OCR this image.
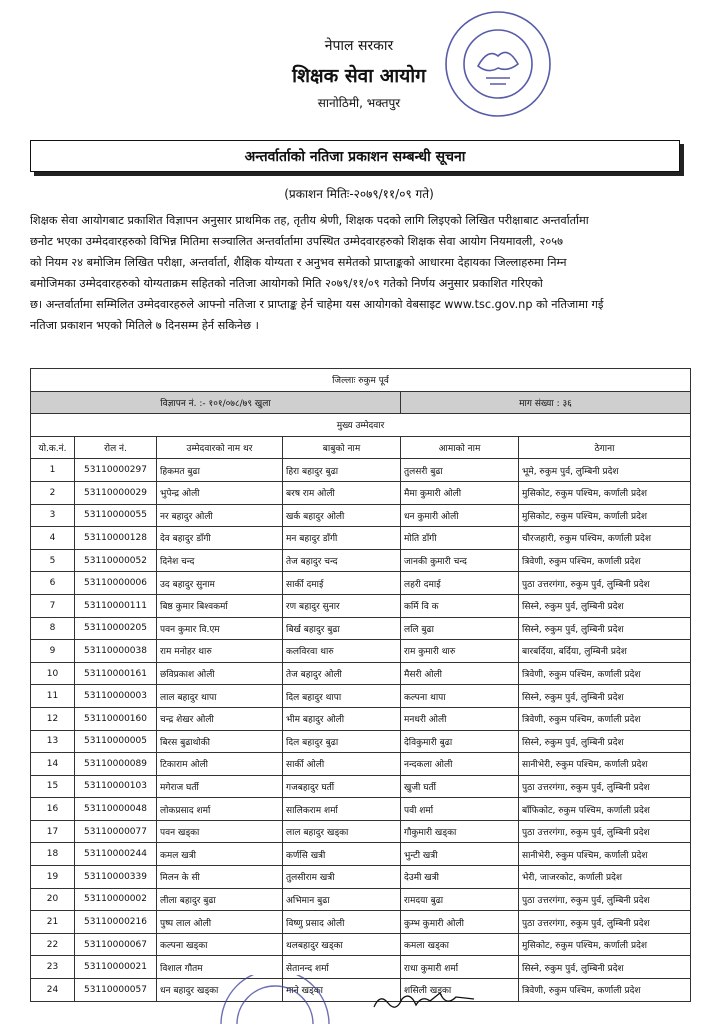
नेपाल सरकार
शिक्षक सेवा आयोग
सानोठिमी, भक्तपुर
अन्तर्वार्ताको नतिजा प्रकाशन सम्बन्धी सूचना
(प्रकाशन मितिः-२०७९/११/०९ गते)
शिक्षक सेवा आयोगबाट प्रकाशित विज्ञापन अनुसार प्राथमिक तह, तृतीय श्रेणी, शिक्षक पदको लागि लिइएको लिखित परीक्षाबाट अन्तर्वार्तामा
छनोट भएका उम्मेदवारहरुको विभिन्न मितिमा सञ्चालित अन्तर्वार्तामा उपस्थित उम्मेदवारहरुको शिक्षक सेवा आयोग नियमावली, २०५७
को नियम २४ बमोजिम लिखित परीक्षा, अन्तर्वार्ता, शैक्षिक योग्यता र अनुभव समेतको प्राप्ताङ्कको आधारमा देहायका जिल्लाहरुमा निम्न
बमोजिमका उम्मेदवारहरुको योग्यताक्रम सहितको नतिजा आयोगको मिति २०७९/११/०९ गतेको निर्णय अनुसार प्रकाशित गरिएको
छ। अन्तर्वार्तामा सम्मिलित उम्मेदवारहरुले आफ्नो नतिजा र प्राप्ताङ्क हेर्न चाहेमा यस आयोगको वेबसाइट www.tsc.gov.np को नतिजामा गई
नतिजा प्रकाशन भएको मितिले ७ दिनसम्म हेर्न सकिनेछ ।
जिल्लाः रुकुम पूर्व					
विज्ञापन नं. :- १०१/०७८/७९ खुला				माग संख्या : ३६	
मुख्य उम्मेदवार					
यो.क.नं.	रोल नं.	उम्मेदवारको नाम थर	बाबुको नाम	आमाको नाम	ठेगाना
1	53110000297	हिकमत बुढा	हिरा बहादुर बुढा	तुलसरी बुढा	भूमे, रुकुम पुर्व, लुम्बिनी प्रदेश
2	53110000029	भुपेन्द्र ओली	बरष राम ओली	मैमा कुमारी ओली	मुसिकोट, रुकुम पश्चिम, कर्णाली प्रदेश
3	53110000055	नर बहादुर ओली	खर्क बहादुर ओली	धन कुमारी ओली	मुसिकोट, रुकुम पश्चिम, कर्णाली प्रदेश
4	53110000128	देव बहादुर डाँगी	मन बहादुर डाँगी	मोति डाँगी	चौरजहारी, रुकुम पश्चिम, कर्णाली प्रदेश
5	53110000052	दिनेश चन्द	तेज बहादुर चन्द	जानकी कुमारी चन्द	त्रिवेणी, रुकुम पश्चिम, कर्णाली प्रदेश
6	53110000006	उद बहादुर सुनाम	सार्की दमाई	लहरी दमाई	पुठा उत्तरगंगा, रुकुम पुर्व, लुम्बिनी प्रदेश
7	53110000111	बिष्ठ कुमार बिश्वकर्मा	रण बहादुर सुनार	कर्मि वि क	सिस्ने, रुकुम पुर्व, लुम्बिनी प्रदेश
8	53110000205	पवन कुमार वि.एम	बिर्ख बहादुर बुढा	ललि बुढा	सिस्ने, रुकुम पुर्व, लुम्बिनी प्रदेश
9	53110000038	राम मनोहर थारु	कलविरवा थारु	राम कुमारी थारु	बारबर्दिया, बर्दिया, लुम्बिनी प्रदेश
10	53110000161	छविप्रकाश ओली	तेज बहादुर ओली	मैसरी ओली	त्रिवेणी, रुकुम पश्चिम, कर्णाली प्रदेश
11	53110000003	लाल बहादुर थापा	दिल बहादुर थापा	कल्पना थापा	सिस्ने, रुकुम पुर्व, लुम्बिनी प्रदेश
12	53110000160	चन्द्र शेखर ओली	भीम बहादुर ओली	मनधरी ओली	त्रिवेणी, रुकुम पश्चिम, कर्णाली प्रदेश
13	53110000005	बिरस बुढाथोकी	दिल बहादुर बुढा	देविकुमारी बुढा	सिस्ने, रुकुम पुर्व, लुम्बिनी प्रदेश
14	53110000089	टिकाराम ओली	सार्की ओली	नन्दकला ओली	सानीभेरी, रुकुम पश्चिम, कर्णाली प्रदेश
15	53110000103	मगेराज घर्ती	गजबहादुर घर्ती	खुजी घर्ती	पुठा उत्तरगंगा, रुकुम पुर्व, लुम्बिनी प्रदेश
16	53110000048	लोकप्रसाद शर्मा	सालिकराम शर्मा	पवी शर्मा	बाँफिकोट, रुकुम पश्चिम, कर्णाली प्रदेश
17	53110000077	पवन खड्का	लाल बहादुर खड्का	गौकुमारी खड्का	पुठा उत्तरगंगा, रुकुम पुर्व, लुम्बिनी प्रदेश
18	53110000244	कमल खत्री	कर्णसि खत्री	भुन्टी खत्री	सानीभेरी, रुकुम पश्चिम, कर्णाली प्रदेश
19	53110000339	मिलन के सी	तुलसीराम खत्री	देउमी खत्री	भेरी, जाजरकोट, कर्णाली प्रदेश
20	53110000002	लीला बहादुर बुढा	अभिमान बुढा	रामदया बुढा	पुठा उत्तरगंगा, रुकुम पुर्व, लुम्बिनी प्रदेश
21	53110000216	पुष्प लाल ओली	विष्णु प्रसाद ओली	कुम्भ कुमारी ओली	पुठा उत्तरगंगा, रुकुम पुर्व, लुम्बिनी प्रदेश
22	53110000067	कल्पना खड्का	थलबहादुर खड्का	कमला खड्का	मुसिकोट, रुकुम पश्चिम, कर्णाली प्रदेश
23	53110000021	विशाल गौतम	सेतानन्द शर्मा	राधा कुमारी शर्मा	सिस्ने, रुकुम पुर्व, लुम्बिनी प्रदेश
24	53110000057	धन बहादुर खड्का	माने खड्का	शसिली खड्का	त्रिवेणी, रुकुम पश्चिम, कर्णाली प्रदेश
